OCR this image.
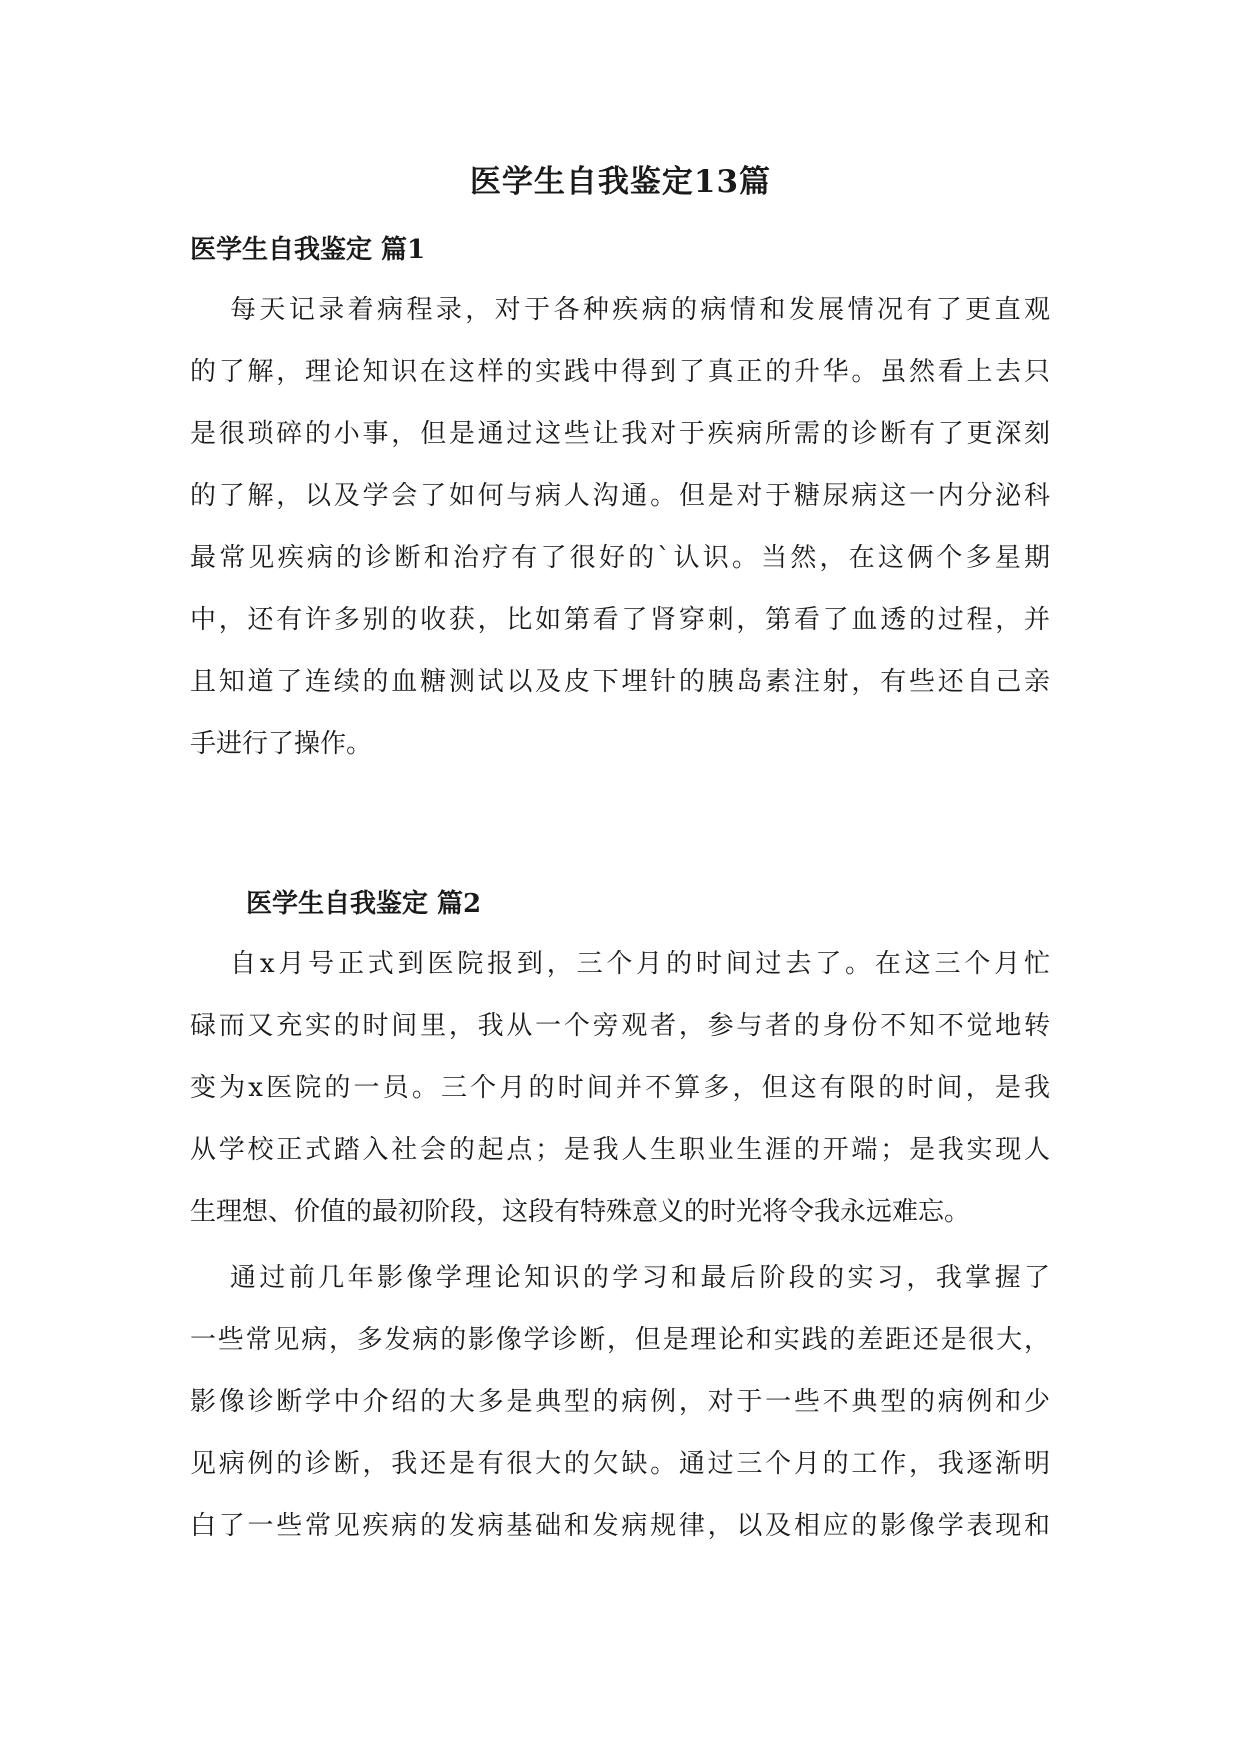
医学生自我鉴定13篇
医学生自我鉴定 篇1

每天记录着病程录，对于各种疾病的病情和发展情况有了更直观

的了解，理论知识在这样的实践中得到了真正的升华。虽然看上去只

是很琐碎的小事，但是通过这些让我对于疾病所需的诊断有了更深刻

的了解，以及学会了如何与病人沟通。但是对于糖尿病这一内分泌科

最常见疾病的诊断和治疗有了很好的`认识。当然，在这俩个多星期

中，还有许多别的收获，比如第看了肾穿刺，第看了血透的过程，并

且知道了连续的血糖测试以及皮下埋针的胰岛素注射，有些还自己亲

手进行了操作。

医学生自我鉴定 篇2

自x月号正式到医院报到，三个月的时间过去了。在这三个月忙

碌而又充实的时间里，我从一个旁观者，参与者的身份不知不觉地转

变为x医院的一员。三个月的时间并不算多，但这有限的时间，是我

从学校正式踏入社会的起点；是我人生职业生涯的开端；是我实现人

生理想、价值的最初阶段，这段有特殊意义的时光将令我永远难忘。

通过前几年影像学理论知识的学习和最后阶段的实习，我掌握了

一些常见病，多发病的影像学诊断，但是理论和实践的差距还是很大，

影像诊断学中介绍的大多是典型的病例，对于一些不典型的病例和少

见病例的诊断，我还是有很大的欠缺。通过三个月的工作，我逐渐明

白了一些常见疾病的发病基础和发病规律，以及相应的影像学表现和
